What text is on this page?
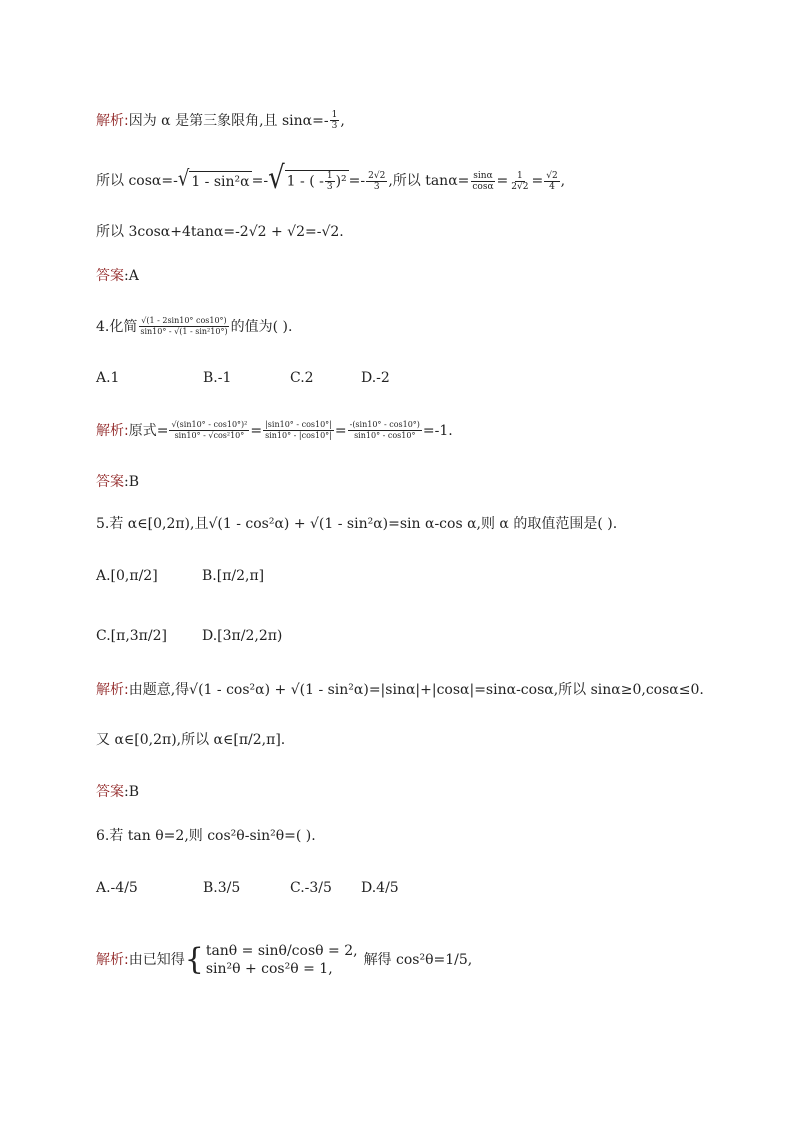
解析 : 因为 α 是第三象限角,且 $\sin\alpha=- \frac{1}{3}$ ,
所以 cosα=- √ 1 - sin²α =- √ 1 - ( - $\frac{1}{3} )^2 =- \frac{2√2}{3}$ ,所以 $\tan\alpha= \frac{\sin\alpha}{\cos\alpha} = \frac{1}{2√2} = \frac{√2}{4}$ ,
所以 3cosα+4tanα=-2√2 + √2=-√2.
答案 :A
4.化简 $\frac{√(1 - 2\sin 10^\circ \cos 10^\circ)}{\text{sin10° - √(1 - sin²10°)}}$ 的值为( ).
A.1	B.-1	C.2	D.-2
解析 : 原式= $\frac{\text{√(sin10° - cos10°)²}}{\text{sin10° - √cos²10°}} = \frac{|\sin 10^\circ - \cos 10^\circ|}{\sin 10^\circ - |\cos 10^\circ|} = \frac{-(\sin 10^\circ - \cos 10^\circ)}{\sin 10^\circ - \cos 10^\circ} =-1$.
答案 :B
5.若 α∈[0,2π),且√(1 - cos²α) + √(1 - sin²α)=sin α-cos α,则 α 的取值范围是( ).
A.[0,π/2]	B.[π/2,π]
C.[π,3π/2]	D.[3π/2,2π)
解析 : 由题意,得√(1 - cos²α) + √(1 - sin²α)=|sinα|+|cosα|=sinα-cosα,所以 sinα≥0,cosα≤0.
又 α∈[0,2π),所以 α∈[π/2,π].
答案 :B
6.若 tan θ=2,则 cos²θ-sin²θ=( ).
A.-4/5	B.3/5	C.-3/5	D.4/5
解析 : 由已知得 { tanθ = sinθ/cosθ = 2,
sin²θ + cos²θ = 1,
解得 cos²θ=1/5,
